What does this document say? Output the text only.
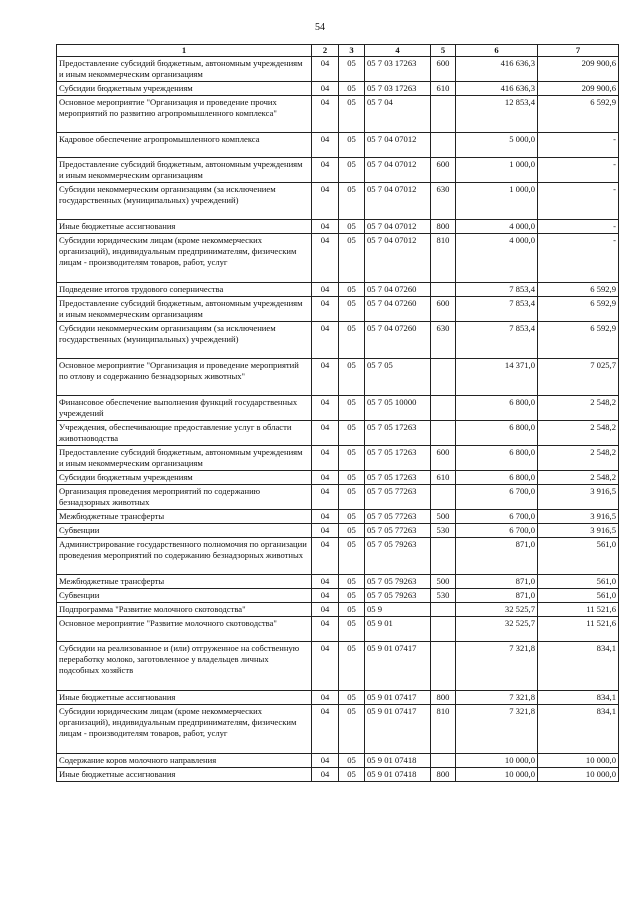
54
1	2	3	4	5	6	7
Предоставление субсидий бюджетным, автономным учреждениям и иным некоммерческим организациям	04	05	05 7 03 17263	600	416 636,3	209 900,6
Субсидии бюджетным учреждениям	04	05	05 7 03 17263	610	416 636,3	209 900,6
Основное мероприятие "Организация и проведение прочих мероприятий по развитию агропромышленного комплекса"	04	05	05 7 04		12 853,4	6 592,9
Кадровое обеспечение агропромышленного комплекса	04	05	05 7 04 07012		5 000,0	-
Предоставление субсидий бюджетным, автономным учреждениям и иным некоммерческим организациям	04	05	05 7 04 07012	600	1 000,0	-
Субсидии некоммерческим организациям (за исключением государственных (муниципальных) учреждений)	04	05	05 7 04 07012	630	1 000,0	-
Иные бюджетные ассигнования	04	05	05 7 04 07012	800	4 000,0	-
Субсидии юридическим лицам (кроме некоммерческих организаций), индивидуальным предпринимателям, физическим лицам - производителям товаров, работ, услуг	04	05	05 7 04 07012	810	4 000,0	-
Подведение итогов трудового соперничества	04	05	05 7 04 07260		7 853,4	6 592,9
Предоставление субсидий бюджетным, автономным учреждениям и иным некоммерческим организациям	04	05	05 7 04 07260	600	7 853,4	6 592,9
Субсидии некоммерческим организациям (за исключением государственных (муниципальных) учреждений)	04	05	05 7 04 07260	630	7 853,4	6 592,9
Основное мероприятие "Организация и проведение мероприятий по отлову и содержанию безнадзорных животных"	04	05	05 7 05		14 371,0	7 025,7
Финансовое обеспечение выполнения функций государственных учреждений	04	05	05 7 05 10000		6 800,0	2 548,2
Учреждения, обеспечивающие предоставление услуг в области животноводства	04	05	05 7 05 17263		6 800,0	2 548,2
Предоставление субсидий бюджетным, автономным учреждениям и иным некоммерческим организациям	04	05	05 7 05 17263	600	6 800,0	2 548,2
Субсидии бюджетным учреждениям	04	05	05 7 05 17263	610	6 800,0	2 548,2
Организация проведения мероприятий по содержанию безнадзорных животных	04	05	05 7 05 77263		6 700,0	3 916,5
Межбюджетные трансферты	04	05	05 7 05 77263	500	6 700,0	3 916,5
Субвенции	04	05	05 7 05 77263	530	6 700,0	3 916,5
Администрирование государственного полномочия по организации проведения мероприятий по содержанию безнадзорных животных	04	05	05 7 05 79263		871,0	561,0
Межбюджетные трансферты	04	05	05 7 05 79263	500	871,0	561,0
Субвенции	04	05	05 7 05 79263	530	871,0	561,0
Подпрограмма "Развитие молочного скотоводства"	04	05	05 9		32 525,7	11 521,6
Основное мероприятие "Развитие молочного скотоводства"	04	05	05 9 01		32 525,7	11 521,6
Субсидии на реализованное и (или) отгруженное на собственную переработку молоко, заготовленное у владельцев личных подсобных хозяйств	04	05	05 9 01 07417		7 321,8	834,1
Иные бюджетные ассигнования	04	05	05 9 01 07417	800	7 321,8	834,1
Субсидии юридическим лицам (кроме некоммерческих организаций), индивидуальным предпринимателям, физическим лицам - производителям товаров, работ, услуг	04	05	05 9 01 07417	810	7 321,8	834,1
Содержание коров молочного направления	04	05	05 9 01 07418		10 000,0	10 000,0
Иные бюджетные ассигнования	04	05	05 9 01 07418	800	10 000,0	10 000,0
